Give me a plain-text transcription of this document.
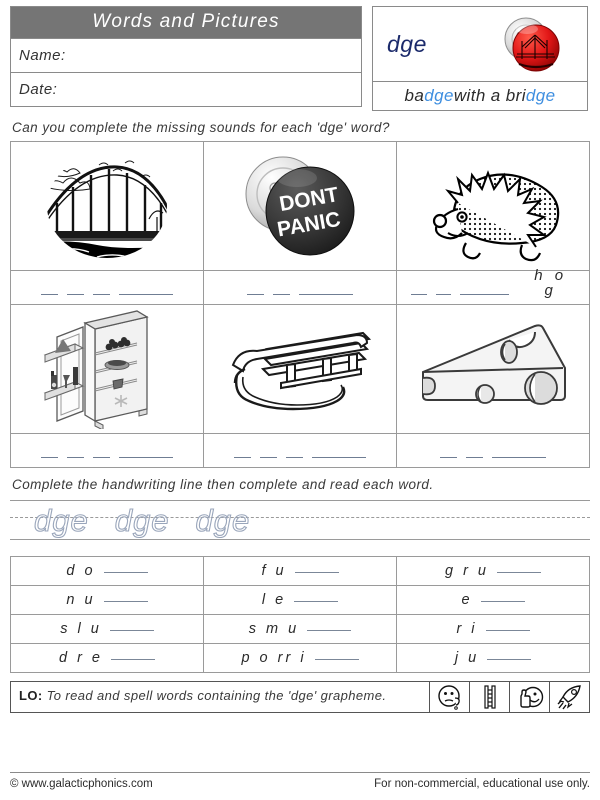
Words and Pictures
Name:
Date:
dge
ba dge with a bri dge
Can you complete the missing sounds for each 'dge' word?

DONT
PANIC

		h o g

Complete the handwriting line then complete and read each word.
dge dge dge
d o	f u	g r u

n u	l e	e

s l u	s m u	r i

d r e	p o rr i	j u
LO: To read and spell words containing the 'dge' grapheme.
© www.galacticphonics.com	For non-commercial, educational use only.
